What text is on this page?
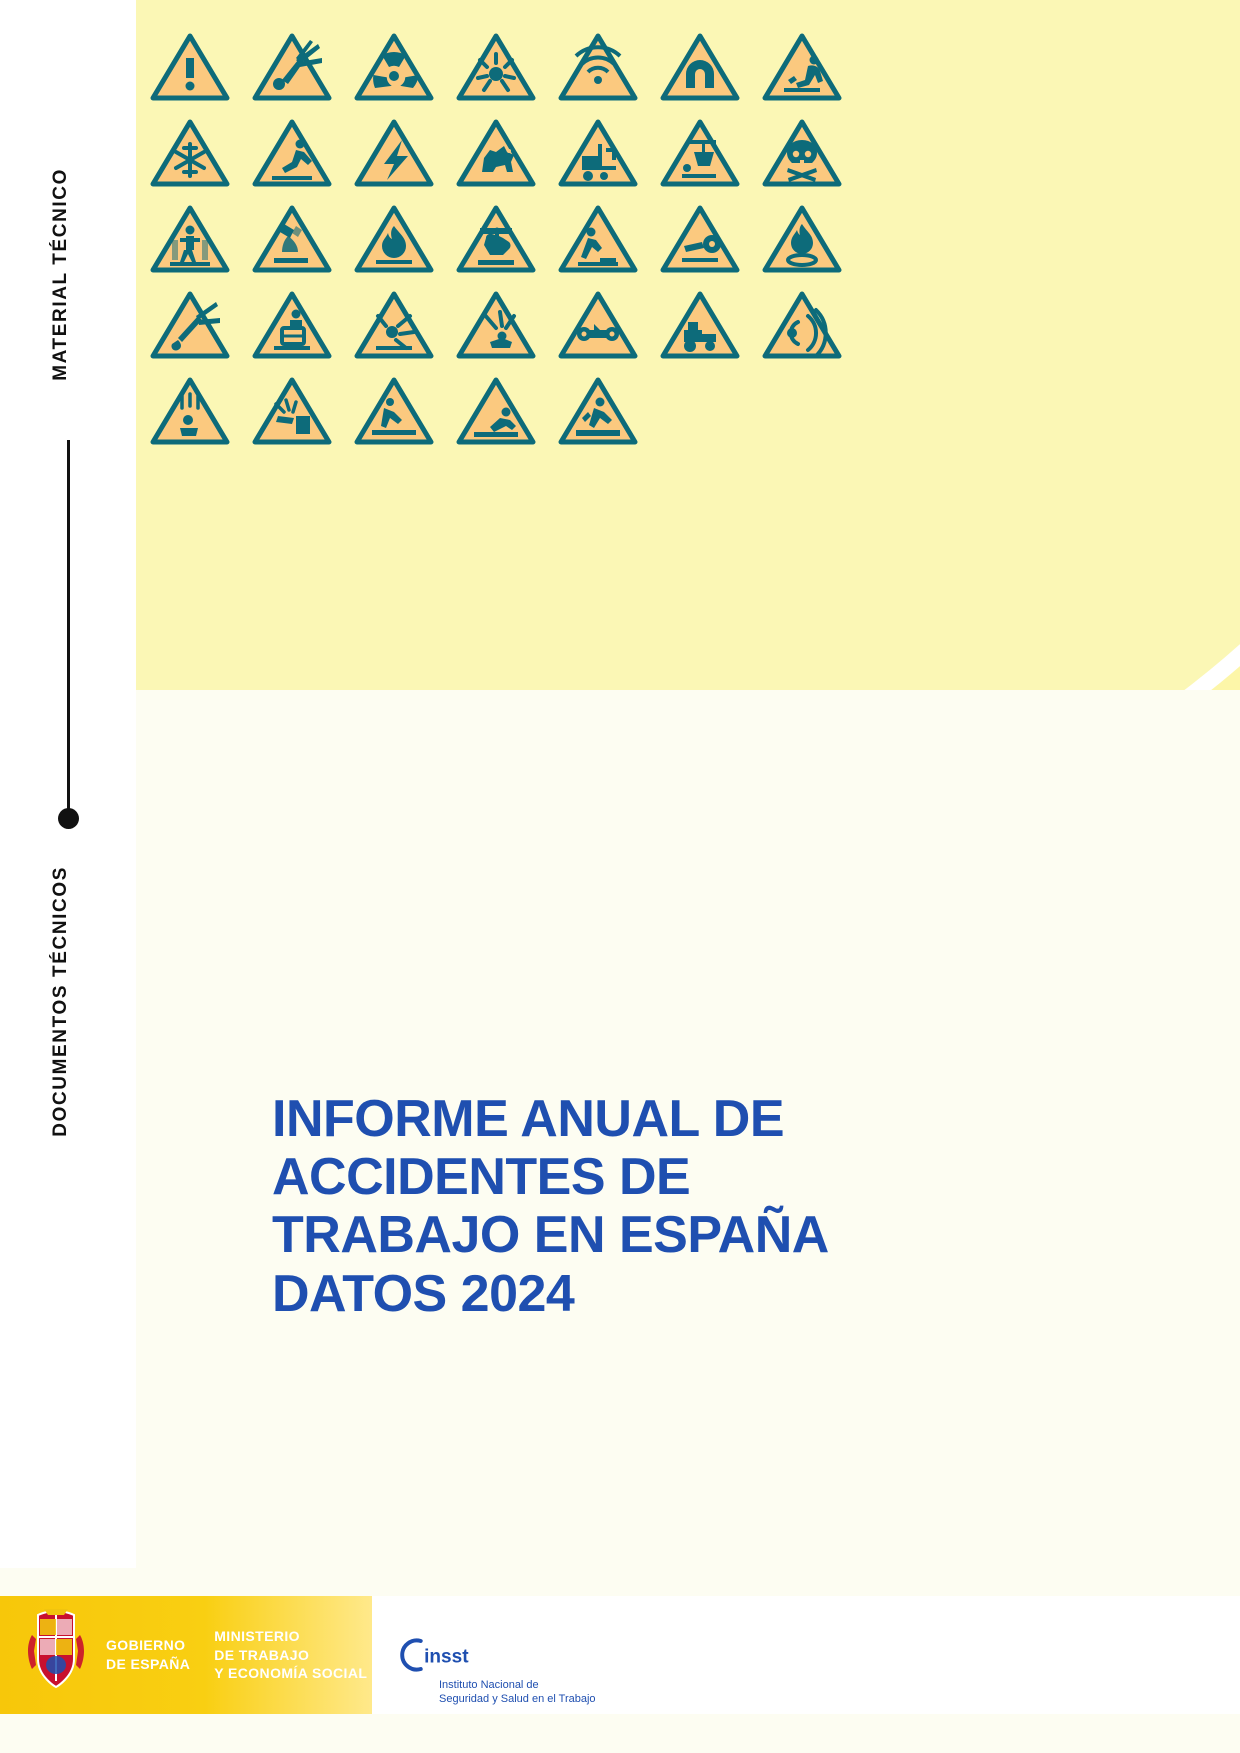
MATERIAL TÉCNICO
DOCUMENTOS TÉCNICOS	INFORME ANUAL DE
ACCIDENTES DE
TRABAJO EN ESPAÑA
DATOS 2024
GOBIERNO
DE ESPAÑA
MINISTERIO
DE TRABAJO
Y ECONOMÍA SOCIAL
insst
Instituto Nacional de
Seguridad y Salud en el Trabajo
